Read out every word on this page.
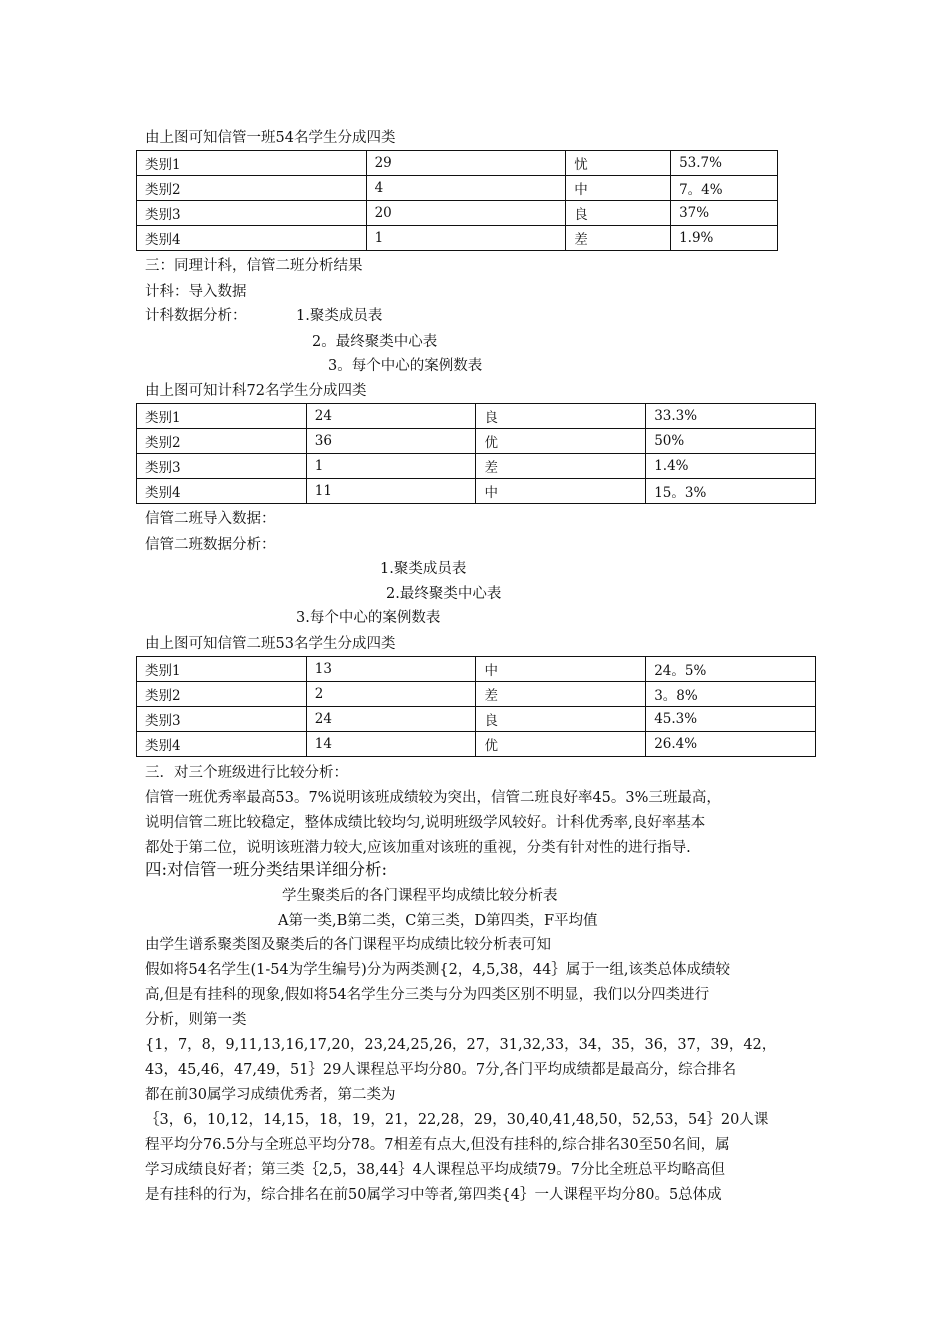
由上图可知信管一班54名学生分成四类
类别1	29	忧	53.7%
类别2	4	中	7。4%
类别3	20	良	37%
类别4	1	差	1.9%
三：同理计科，信管二班分析结果
计科：导入数据
计科数据分析：	1.聚类成员表
2。最终聚类中心表
3。每个中心的案例数表
由上图可知计科72名学生分成四类
类别1	24	良	33.3%
类别2	36	优	50%
类别3	1	差	1.4%
类别4	11	中	15。3%
信管二班导入数据：
信管二班数据分析：
1.聚类成员表
2.最终聚类中心表
3.每个中心的案例数表
由上图可知信管二班53名学生分成四类
类别1	13	中	24。5%
类别2	2	差	3。8%
类别3	24	良	45.3%
类别4	14	优	26.4%
三．对三个班级进行比较分析：
信管一班优秀率最高53。7%说明该班成绩较为突出，信管二班良好率45。3%三班最高，
说明信管二班比较稳定，整体成绩比较均匀,说明班级学风较好。计科优秀率,良好率基本
都处于第二位，说明该班潜力较大,应该加重对该班的重视，分类有针对性的进行指导.
四:对信管一班分类结果详细分析:
学生聚类后的各门课程平均成绩比较分析表
A第一类,B第二类，C第三类，D第四类，F平均值
由学生谱系聚类图及聚类后的各门课程平均成绩比较分析表可知
假如将54名学生(1-54为学生编号)分为两类测{2，4,5,38，44｝属于一组,该类总体成绩较
高,但是有挂科的现象,假如将54名学生分三类与分为四类区别不明显，我们以分四类进行
分析，则第一类
{1，7，8，9,11,13,16,17,20，23,24,25,26，27，31,32,33，34，35，36，37，39，42，
43，45,46，47,49，51｝29人课程总平均分80。7分,各门平均成绩都是最高分，综合排名
都在前30属学习成绩优秀者，第二类为
｛3，6，10,12，14,15，18，19，21，22,28，29，30,40,41,48,50，52,53，54｝20人课
程平均分76.5分与全班总平均分78。7相差有点大,但没有挂科的,综合排名30至50名间，属
学习成绩良好者；第三类｛2,5，38,44｝4人课程总平均成绩79。7分比全班总平均略高但
是有挂科的行为，综合排名在前50属学习中等者,第四类{4｝一人课程平均分80。5总体成
